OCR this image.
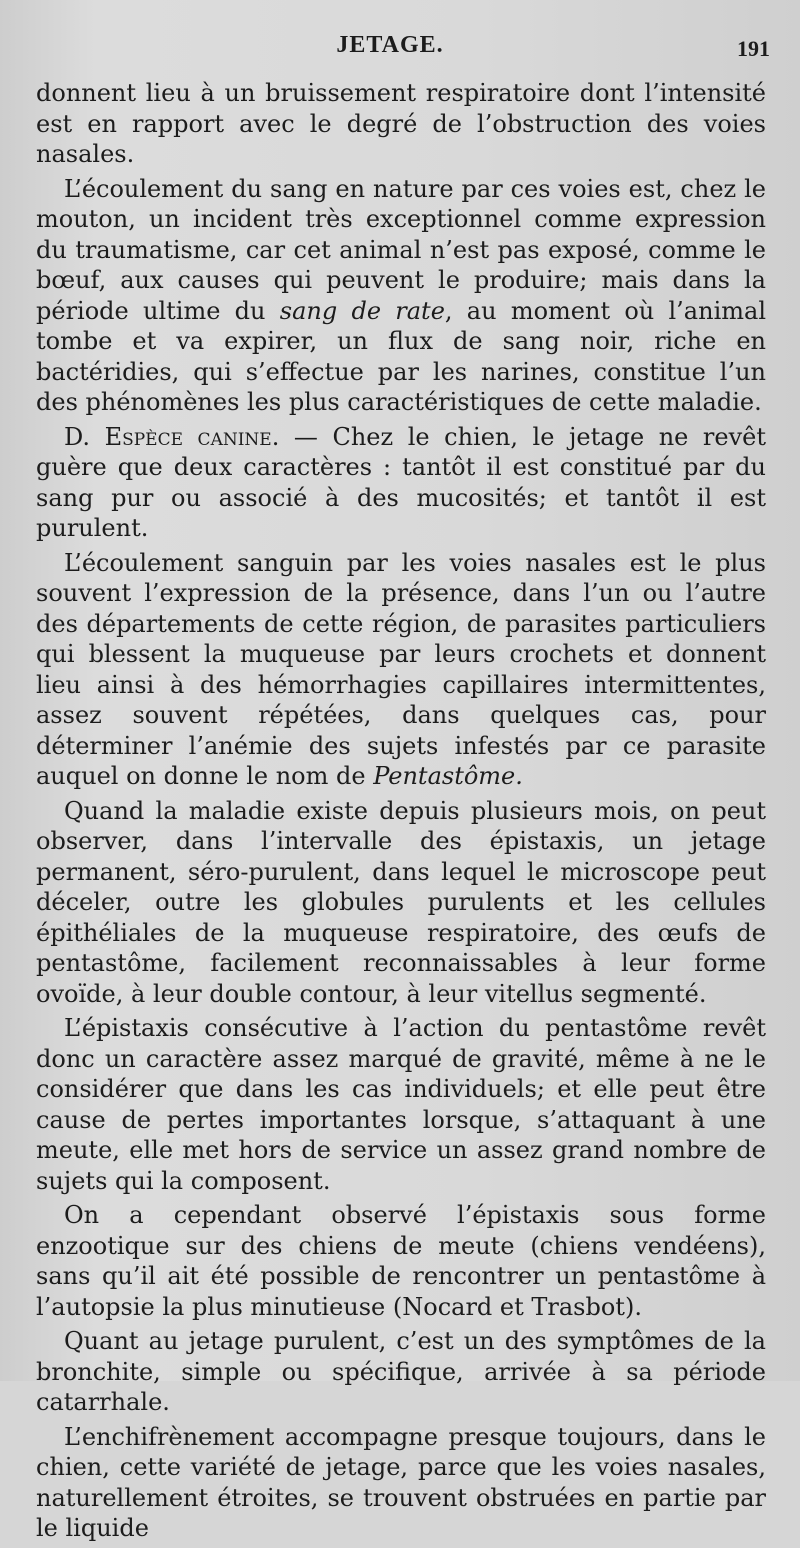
JETAGE.	191

donnent lieu à un bruissement respiratoire dont l’intensité est en rapport avec le degré de l’obstruction des voies nasales.

L’écoulement du sang en nature par ces voies est, chez le mouton, un incident très exceptionnel comme expression du traumatisme, car cet animal n’est pas exposé, comme le bœuf, aux causes qui peuvent le produire; mais dans la période ultime du sang de rate, au moment où l’animal tombe et va expirer, un flux de sang noir, riche en bactéridies, qui s’effectue par les narines, constitue l’un des phénomènes les plus caractéristiques de cette maladie.

D. Espèce canine. — Chez le chien, le jetage ne revêt guère que deux caractères : tantôt il est constitué par du sang pur ou associé à des mucosités; et tantôt il est purulent.

L’écoulement sanguin par les voies nasales est le plus souvent l’expression de la présence, dans l’un ou l’autre des départements de cette région, de parasites particuliers qui blessent la muqueuse par leurs crochets et donnent lieu ainsi à des hémorrhagies capillaires intermittentes, assez souvent répétées, dans quelques cas, pour déterminer l’anémie des sujets infestés par ce parasite auquel on donne le nom de Pentastôme.

Quand la maladie existe depuis plusieurs mois, on peut observer, dans l’intervalle des épistaxis, un jetage permanent, séro-purulent, dans lequel le microscope peut déceler, outre les globules purulents et les cellules épithéliales de la muqueuse respiratoire, des œufs de pentastôme, facilement reconnaissables à leur forme ovoïde, à leur double contour, à leur vitellus segmenté.

L’épistaxis consécutive à l’action du pentastôme revêt donc un caractère assez marqué de gravité, même à ne le considérer que dans les cas individuels; et elle peut être cause de pertes importantes lorsque, s’attaquant à une meute, elle met hors de service un assez grand nombre de sujets qui la composent.

On a cependant observé l’épistaxis sous forme enzootique sur des chiens de meute (chiens vendéens), sans qu’il ait été possible de rencontrer un pentastôme à l’autopsie la plus minutieuse (Nocard et Trasbot).

Quant au jetage purulent, c’est un des symptômes de la bronchite, simple ou spécifique, arrivée à sa période catarrhale.

L’enchifrènement accompagne presque toujours, dans le chien, cette variété de jetage, parce que les voies nasales, naturellement étroites, se trouvent obstruées en partie par le liquide
